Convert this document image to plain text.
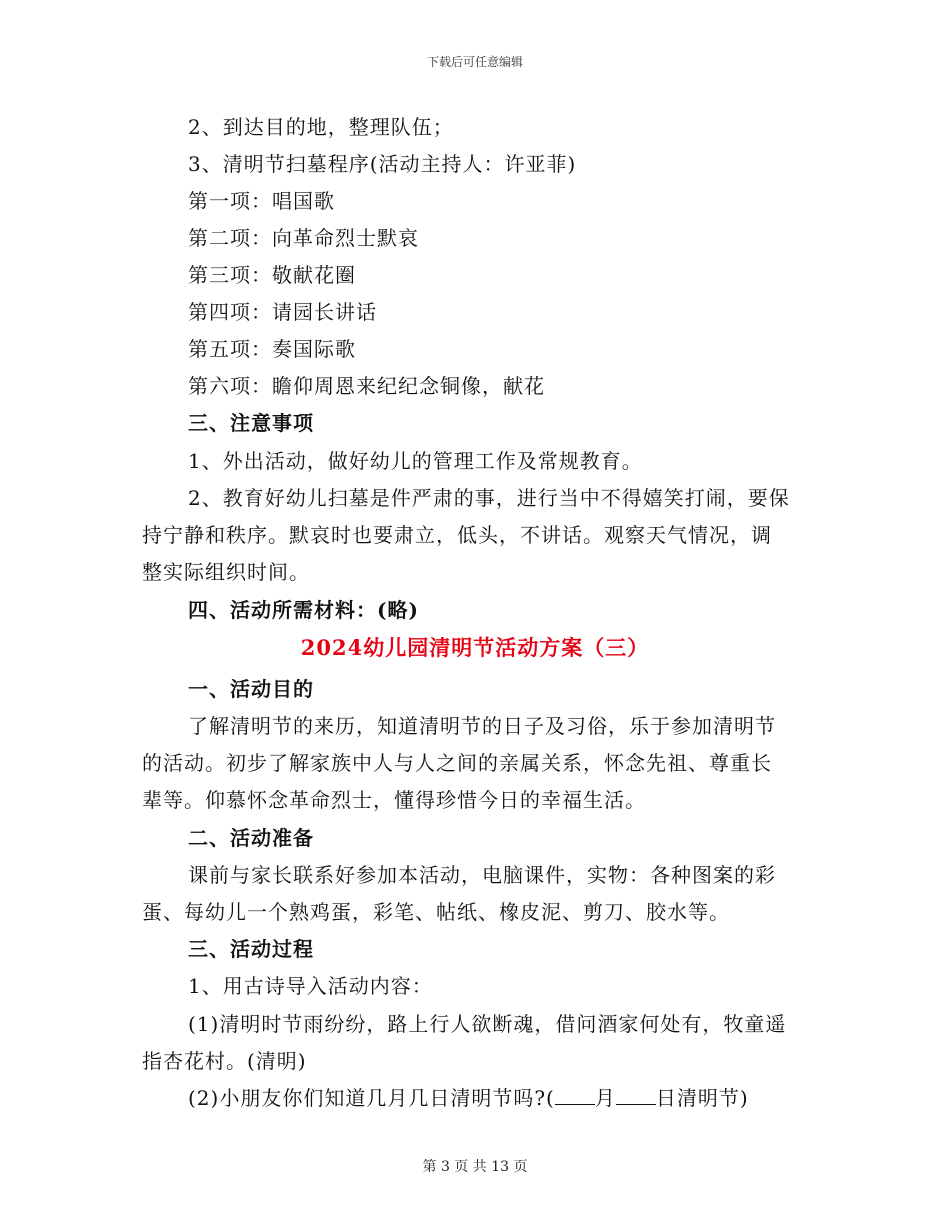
下载后可任意编辑
2、到达目的地，整理队伍；
3、清明节扫墓程序(活动主持人：许亚菲)
第一项：唱国歌
第二项：向革命烈士默哀
第三项：敬献花圈
第四项：请园长讲话
第五项：奏国际歌
第六项：瞻仰周恩来纪纪念铜像，献花
三、注意事项
1、外出活动，做好幼儿的管理工作及常规教育。
2、教育好幼儿扫墓是件严肃的事，进行当中不得嬉笑打闹，要保
持宁静和秩序。默哀时也要肃立，低头，不讲话。观察天气情况，调
整实际组织时间。
四、活动所需材料：(略)
2024幼儿园清明节活动方案（三）
一、活动目的
了解清明节的来历，知道清明节的日子及习俗，乐于参加清明节
的活动。初步了解家族中人与人之间的亲属关系，怀念先祖、尊重长
辈等。仰慕怀念革命烈士，懂得珍惜今日的幸福生活。
二、活动准备
课前与家长联系好参加本活动，电脑课件，实物：各种图案的彩
蛋、每幼儿一个熟鸡蛋，彩笔、帖纸、橡皮泥、剪刀、胶水等。
三、活动过程
1、用古诗导入活动内容：
(1)清明时节雨纷纷，路上行人欲断魂，借问酒家何处有，牧童遥
指杏花村。(清明)
(2)小朋友你们知道几月几日清明节吗?( 月 日清明节)
第 3 页 共 13 页
